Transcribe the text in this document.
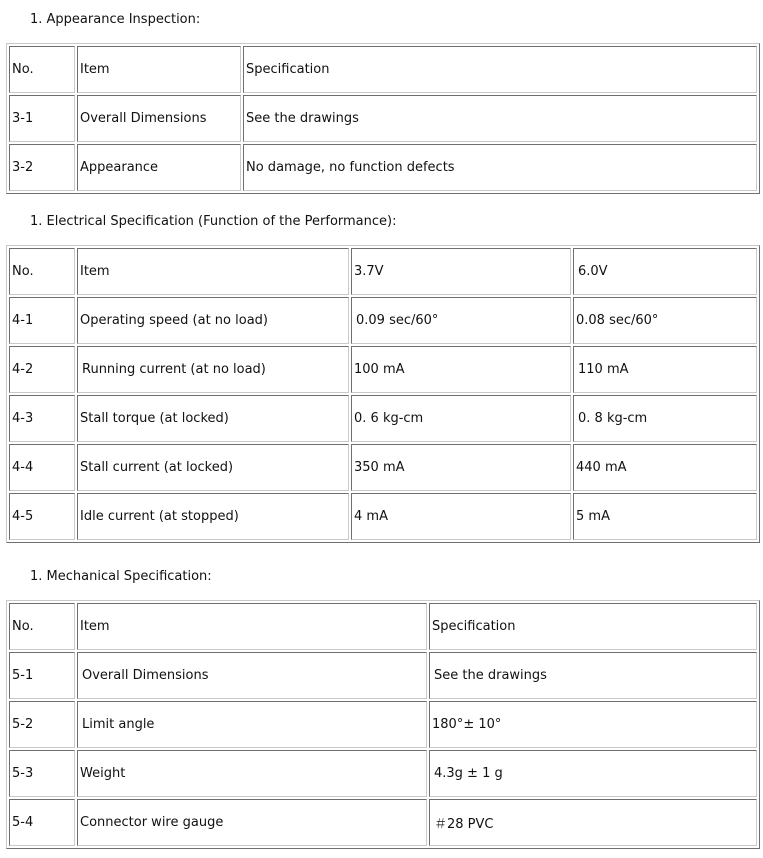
1. Appearance Inspection:
No.	Item	Specification
3-1	Overall Dimensions	See the drawings
3-2	Appearance	No damage, no function defects
1. Electrical Specification (Function of the Performance):
No.	Item	3.7V	6.0V
4-1	Operating speed (at no load)	0.09 sec/60°	0.08 sec/60°
4-2	Running current (at no load)	100 mA	110 mA
4-3	Stall torque (at locked)	0. 6 kg-cm	0. 8 kg-cm
4-4	Stall current (at locked)	350 mA	440 mA
4-5	Idle current (at stopped)	4 mA	5 mA
1. Mechanical Specification:
No.	Item	Specification
5-1	Overall Dimensions	See the drawings
5-2	Limit angle	180°± 10°
5-3	Weight	4.3g ± 1 g
5-4	Connector wire gauge	＃28 PVC
